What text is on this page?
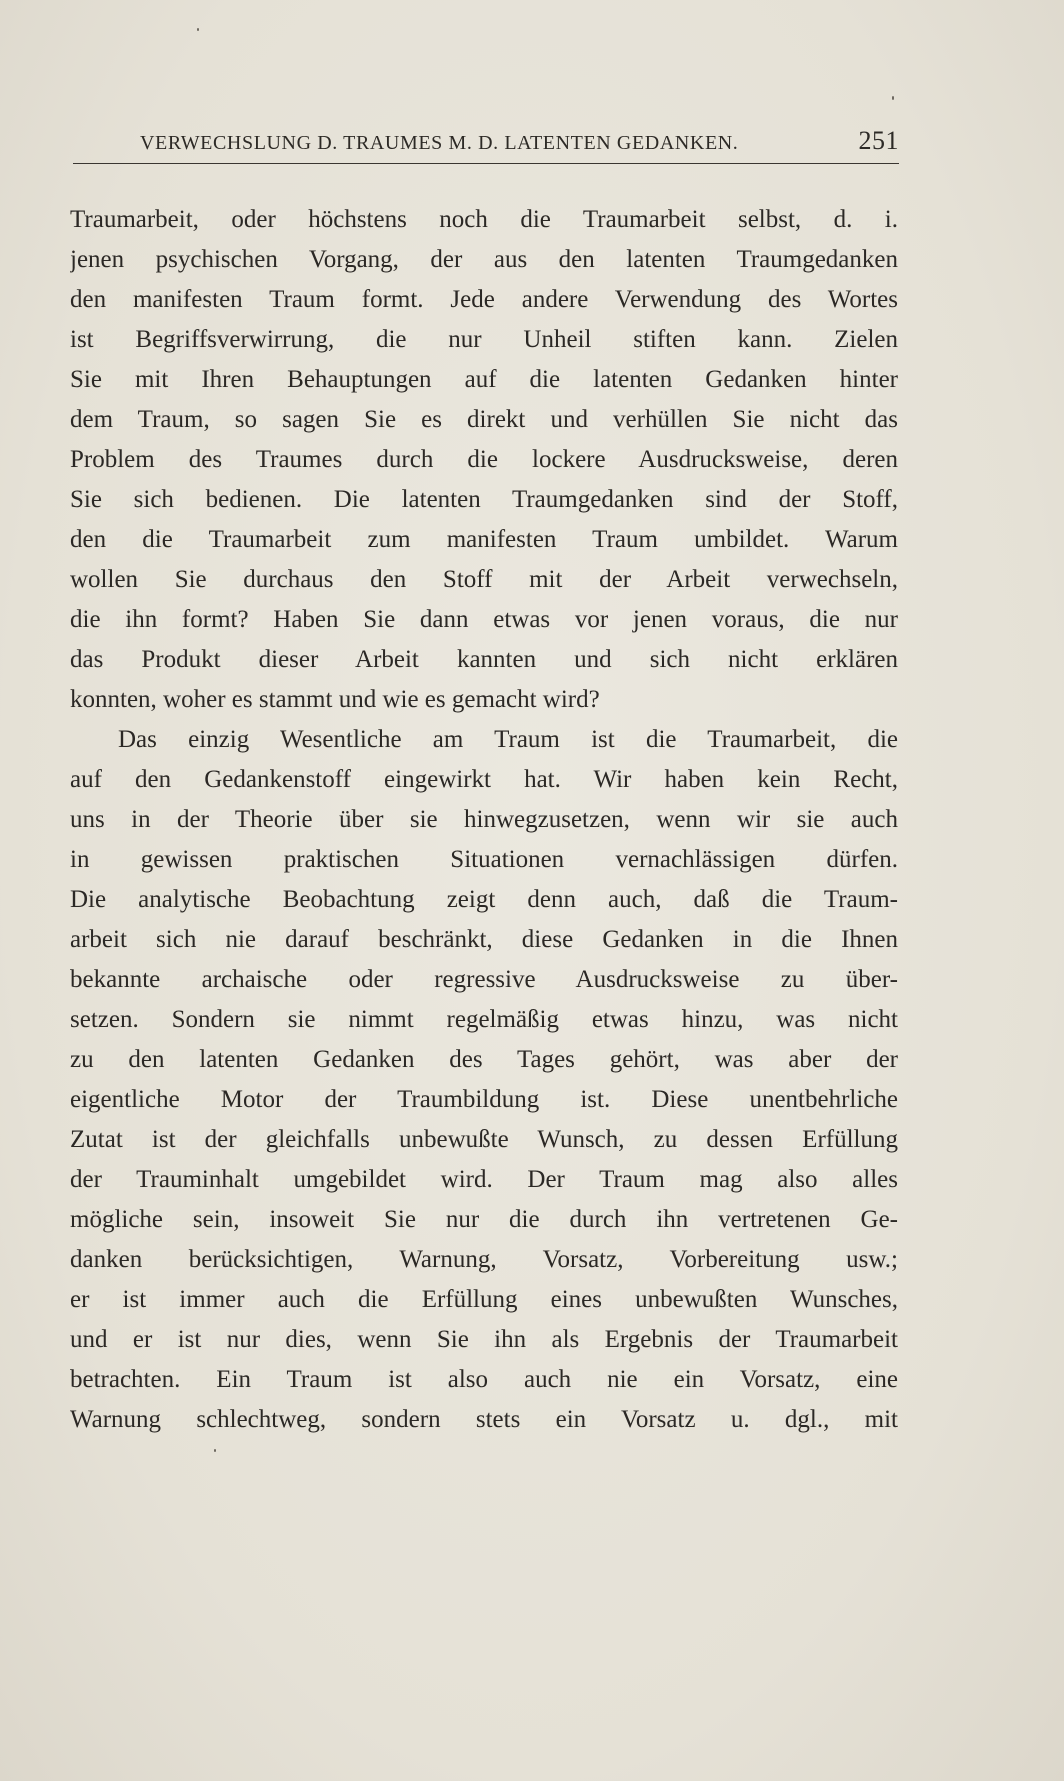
VERWECHSLUNG D. TRAUMES M. D. LATENTEN GEDANKEN.	251
Traumarbeit, oder höchstens noch die Traumarbeit selbst, d. i.
jenen psychischen Vorgang, der aus den latenten Traumgedanken
den manifesten Traum formt. Jede andere Verwendung des Wortes
ist Begriffsverwirrung, die nur Unheil stiften kann. Zielen
Sie mit Ihren Behauptungen auf die latenten Gedanken hinter
dem Traum, so sagen Sie es direkt und verhüllen Sie nicht das
Problem des Traumes durch die lockere Ausdrucksweise, deren
Sie sich bedienen. Die latenten Traumgedanken sind der Stoff,
den die Traumarbeit zum manifesten Traum umbildet. Warum
wollen Sie durchaus den Stoff mit der Arbeit verwechseln,
die ihn formt? Haben Sie dann etwas vor jenen voraus, die nur
das Produkt dieser Arbeit kannten und sich nicht erklären
konnten, woher es stammt und wie es gemacht wird?
Das einzig Wesentliche am Traum ist die Traumarbeit, die
auf den Gedankenstoff eingewirkt hat. Wir haben kein Recht,
uns in der Theorie über sie hinwegzusetzen, wenn wir sie auch
in gewissen praktischen Situationen vernachlässigen dürfen.
Die analytische Beobachtung zeigt denn auch, daß die Traum-
arbeit sich nie darauf beschränkt, diese Gedanken in die Ihnen
bekannte archaische oder regressive Ausdrucksweise zu über-
setzen. Sondern sie nimmt regelmäßig etwas hinzu, was nicht
zu den latenten Gedanken des Tages gehört, was aber der
eigentliche Motor der Traumbildung ist. Diese unentbehrliche
Zutat ist der gleichfalls unbewußte Wunsch, zu dessen Erfüllung
der Trauminhalt umgebildet wird. Der Traum mag also alles
mögliche sein, insoweit Sie nur die durch ihn vertretenen Ge-
danken berücksichtigen, Warnung, Vorsatz, Vorbereitung usw.;
er ist immer auch die Erfüllung eines unbewußten Wunsches,
und er ist nur dies, wenn Sie ihn als Ergebnis der Traumarbeit
betrachten. Ein Traum ist also auch nie ein Vorsatz, eine
Warnung schlechtweg, sondern stets ein Vorsatz u. dgl., mit
